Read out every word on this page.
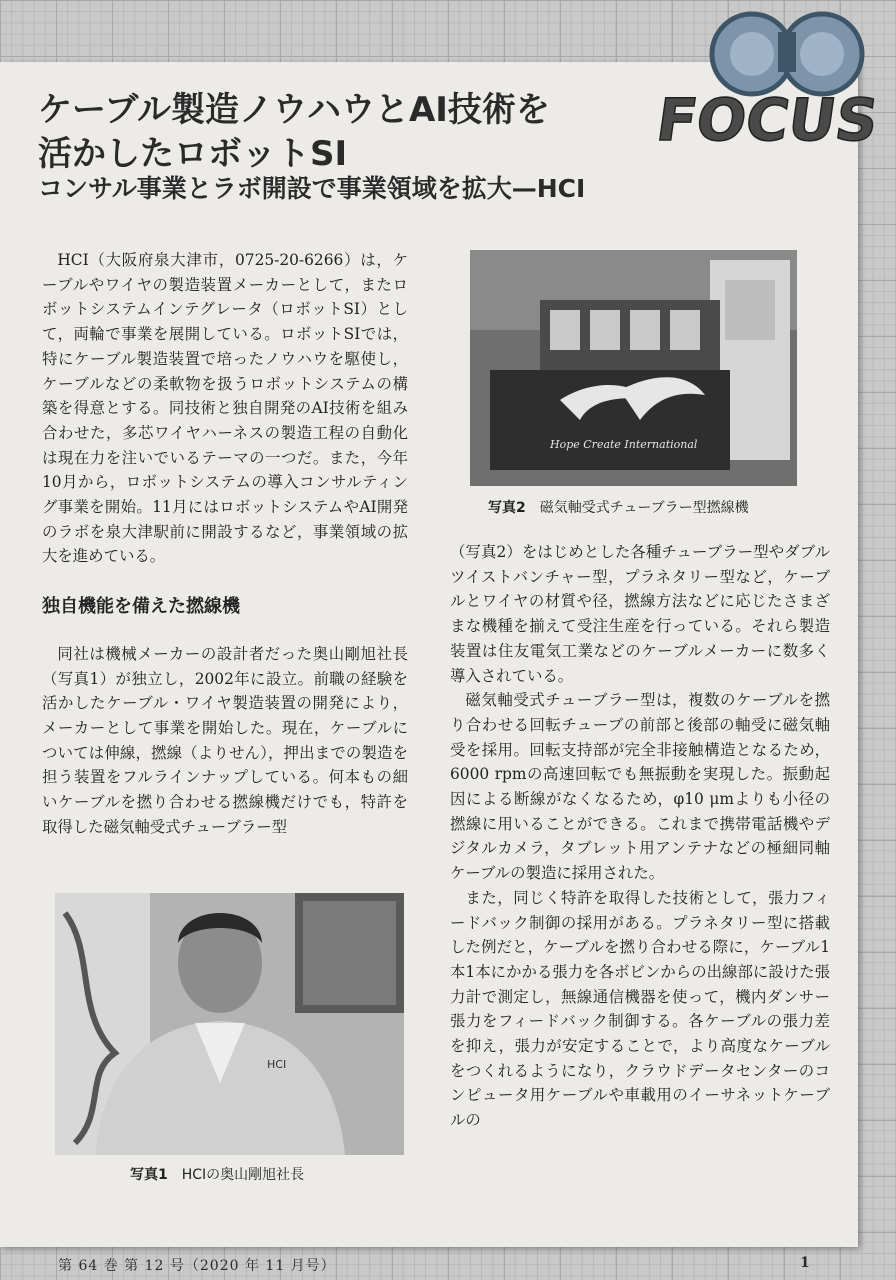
FOCUS
ケーブル製造ノウハウとAI技術を
活かしたロボットSI
コンサル事業とラボ開設で事業領域を拡大—HCI

HCI（大阪府泉大津市，0725-20-6266）は，ケーブルやワイヤの製造装置メーカーとして，またロボットシステムインテグレータ（ロボットSI）として，両輪で事業を展開している。ロボットSIでは，特にケーブル製造装置で培ったノウハウを駆使し，ケーブルなどの柔軟物を扱うロボットシステムの構築を得意とする。同技術と独自開発のAI技術を組み合わせた，多芯ワイヤハーネスの製造工程の自動化は現在力を注いでいるテーマの一つだ。また，今年10月から，ロボットシステムの導入コンサルティング事業を開始。11月にはロボットシステムやAI開発のラボを泉大津駅前に開設するなど，事業領域の拡大を進めている。

独自機能を備えた撚線機

同社は機械メーカーの設計者だった奥山剛旭社長（写真1）が独立し，2002年に設立。前職の経験を活かしたケーブル・ワイヤ製造装置の開発により，メーカーとして事業を開始した。現在，ケーブルについては伸線，撚線（よりせん），押出までの製造を担う装置をフルラインナップしている。何本もの細いケーブルを撚り合わせる撚線機だけでも，特許を取得した磁気軸受式チューブラー型

Hope Create International
写真2 磁気軸受式チューブラー型撚線機

（写真2）をはじめとした各種チューブラー型やダブルツイストバンチャー型，プラネタリー型など，ケーブルとワイヤの材質や径，撚線方法などに応じたさまざまな機種を揃えて受注生産を行っている。それら製造装置は住友電気工業などのケーブルメーカーに数多く導入されている。

磁気軸受式チューブラー型は，複数のケーブルを撚り合わせる回転チューブの前部と後部の軸受に磁気軸受を採用。回転支持部が完全非接触構造となるため，6000 rpmの高速回転でも無振動を実現した。振動起因による断線がなくなるため，φ10 μmよりも小径の撚線に用いることができる。これまで携帯電話機やデジタルカメラ，タブレット用アンテナなどの極細同軸ケーブルの製造に採用された。

また，同じく特許を取得した技術として，張力フィードバック制御の採用がある。プラネタリー型に搭載した例だと，ケーブルを撚り合わせる際に，ケーブル1本1本にかかる張力を各ボビンからの出線部に設けた張力計で測定し，無線通信機器を使って，機内ダンサー張力をフィードバック制御する。各ケーブルの張力差を抑え，張力が安定することで，より高度なケーブルをつくれるようになり，クラウドデータセンターのコンピュータ用ケーブルや車載用のイーサネットケーブルの

HCI
写真1 HCIの奥山剛旭社長
第 64 巻 第 12 号（2020 年 11 月号）	1
